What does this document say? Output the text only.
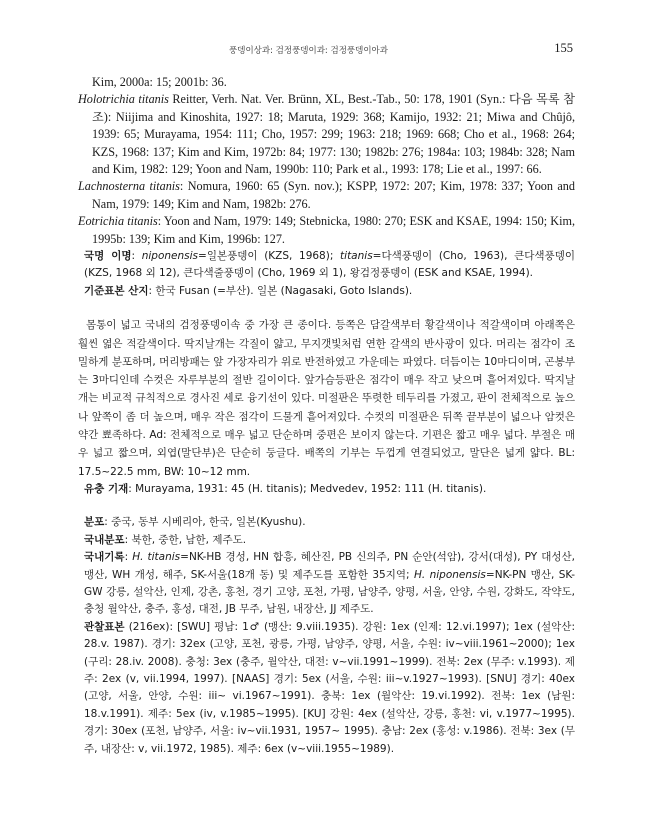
풍뎅이상과: 검정풍뎅이과: 검정풍뎅이아과	155

Kim, 2000a: 15; 2001b: 36.

Holotrichia titanis Reitter, Verh. Nat. Ver. Brünn, XL, Best.-Tab., 50: 178, 1901 (Syn.: 다음 목록 참조): Niijima and Kinoshita, 1927: 18; Maruta, 1929: 368; Kamijo, 1932: 21; Miwa and Chûjô, 1939: 65; Murayama, 1954: 111; Cho, 1957: 299; 1963: 218; 1969: 668; Cho et al., 1968: 264; KZS, 1968: 137; Kim and Kim, 1972b: 84; 1977: 130; 1982b: 276; 1984a: 103; 1984b: 328; Nam and Kim, 1982: 129; Yoon and Nam, 1990b: 110; Park et al., 1993: 178; Lie et al., 1997: 66.

Lachnosterna titanis: Nomura, 1960: 65 (Syn. nov.); KSPP, 1972: 207; Kim, 1978: 337; Yoon and Nam, 1979: 149; Kim and Nam, 1982b: 276.

Eotrichia titanis: Yoon and Nam, 1979: 149; Stebnicka, 1980: 270; ESK and KSAE, 1994: 150; Kim, 1995b: 139; Kim and Kim, 1996b: 127.

국명 이명: niponensis=일본풍뎅이 (KZS, 1968); titanis=다색풍뎅이 (Cho, 1963), 큰다색풍뎅이 (KZS, 1968 외 12), 큰다색줄풍뎅이 (Cho, 1969 외 1), 왕검정풍뎅이 (ESK and KSAE, 1994).

기준표본 산지: 한국 Fusan (=부산). 일본 (Nagasaki, Goto Islands).

몸통이 넓고 국내의 검정풍뎅이속 중 가장 큰 종이다. 등쪽은 담갈색부터 황갈색이나 적갈색이며 아래쪽은 훨씬 엷은 적갈색이다. 딱지날개는 각질이 얇고, 무지갯빛처럼 연한 갈색의 반사광이 있다. 머리는 점각이 조밀하게 분포하며, 머리방패는 앞 가장자리가 위로 반전하였고 가운데는 파였다. 더듬이는 10마디이며, 곤봉부는 3마디인데 수컷은 자루부분의 절반 길이이다. 앞가슴등판은 점각이 매우 작고 낮으며 흩어져있다. 딱지날개는 비교적 규칙적으로 경사진 세로 융기선이 있다. 미절판은 뚜렷한 테두리를 가졌고, 판이 전체적으로 높으나 앞쪽이 좀 더 높으며, 매우 작은 점각이 드물게 흩어져있다. 수컷의 미절판은 뒤쪽 끝부분이 넓으나 암컷은 약간 뾰족하다. Ad: 전체적으로 매우 넓고 단순하며 중편은 보이지 않는다. 기편은 짧고 매우 넓다. 부절은 매우 넓고 짧으며, 외엽(말단부)은 단순히 둥글다. 배쪽의 기부는 두껍게 연결되었고, 말단은 넓게 얇다. BL: 17.5~22.5 mm, BW: 10~12 mm.

유충 기재: Murayama, 1931: 45 (H. titanis); Medvedev, 1952: 111 (H. titanis).

분포: 중국, 동부 시베리아, 한국, 일본(Kyushu).

국내분포: 북한, 중한, 남한, 제주도.

국내기록: H. titanis=NK-HB 경성, HN 합흥, 혜산진, PB 신의주, PN 순안(석암), 강서(대성), PY 대성산, 맹산, WH 개성, 해주, SK-서울(18개 동) 및 제주도를 포함한 35지역; H. niponensis=NK-PN 맹산, SK-GW 강릉, 설악산, 인제, 강촌, 홍천, 경기 고양, 포천, 가평, 남양주, 양평, 서울, 안양, 수원, 강화도, 작약도, 충청 월악산, 충주, 홍성, 대전, JB 무주, 남원, 내장산, JJ 제주도.

관찰표본 (216ex): [SWU] 평남: 1♂ (맹산: 9.viii.1935). 강원: 1ex (인제: 12.vi.1997); 1ex (설악산: 28.v. 1987). 경기: 32ex (고양, 포천, 광릉, 가평, 남양주, 양평, 서울, 수원: iv~viii.1961~2000); 1ex (구리: 28.iv. 2008). 충청: 3ex (충주, 월악산, 대전: v~vii.1991~1999). 전북: 2ex (무주: v.1993). 제주: 2ex (v, vii.1994, 1997). [NAAS] 경기: 5ex (서울, 수원: iii~v.1927~1993). [SNU] 경기: 40ex (고양, 서울, 안양, 수원: iii~ vi.1967~1991). 충북: 1ex (월악산: 19.vi.1992). 전북: 1ex (남원: 18.v.1991). 제주: 5ex (iv, v.1985~1995). [KU] 강원: 4ex (설악산, 강릉, 홍천: vi, v.1977~1995). 경기: 30ex (포천, 남양주, 서울: iv~vii.1931, 1957~ 1995). 충남: 2ex (홍성: v.1986). 전북: 3ex (무주, 내장산: v, vii.1972, 1985). 제주: 6ex (v~viii.1955~1989).
